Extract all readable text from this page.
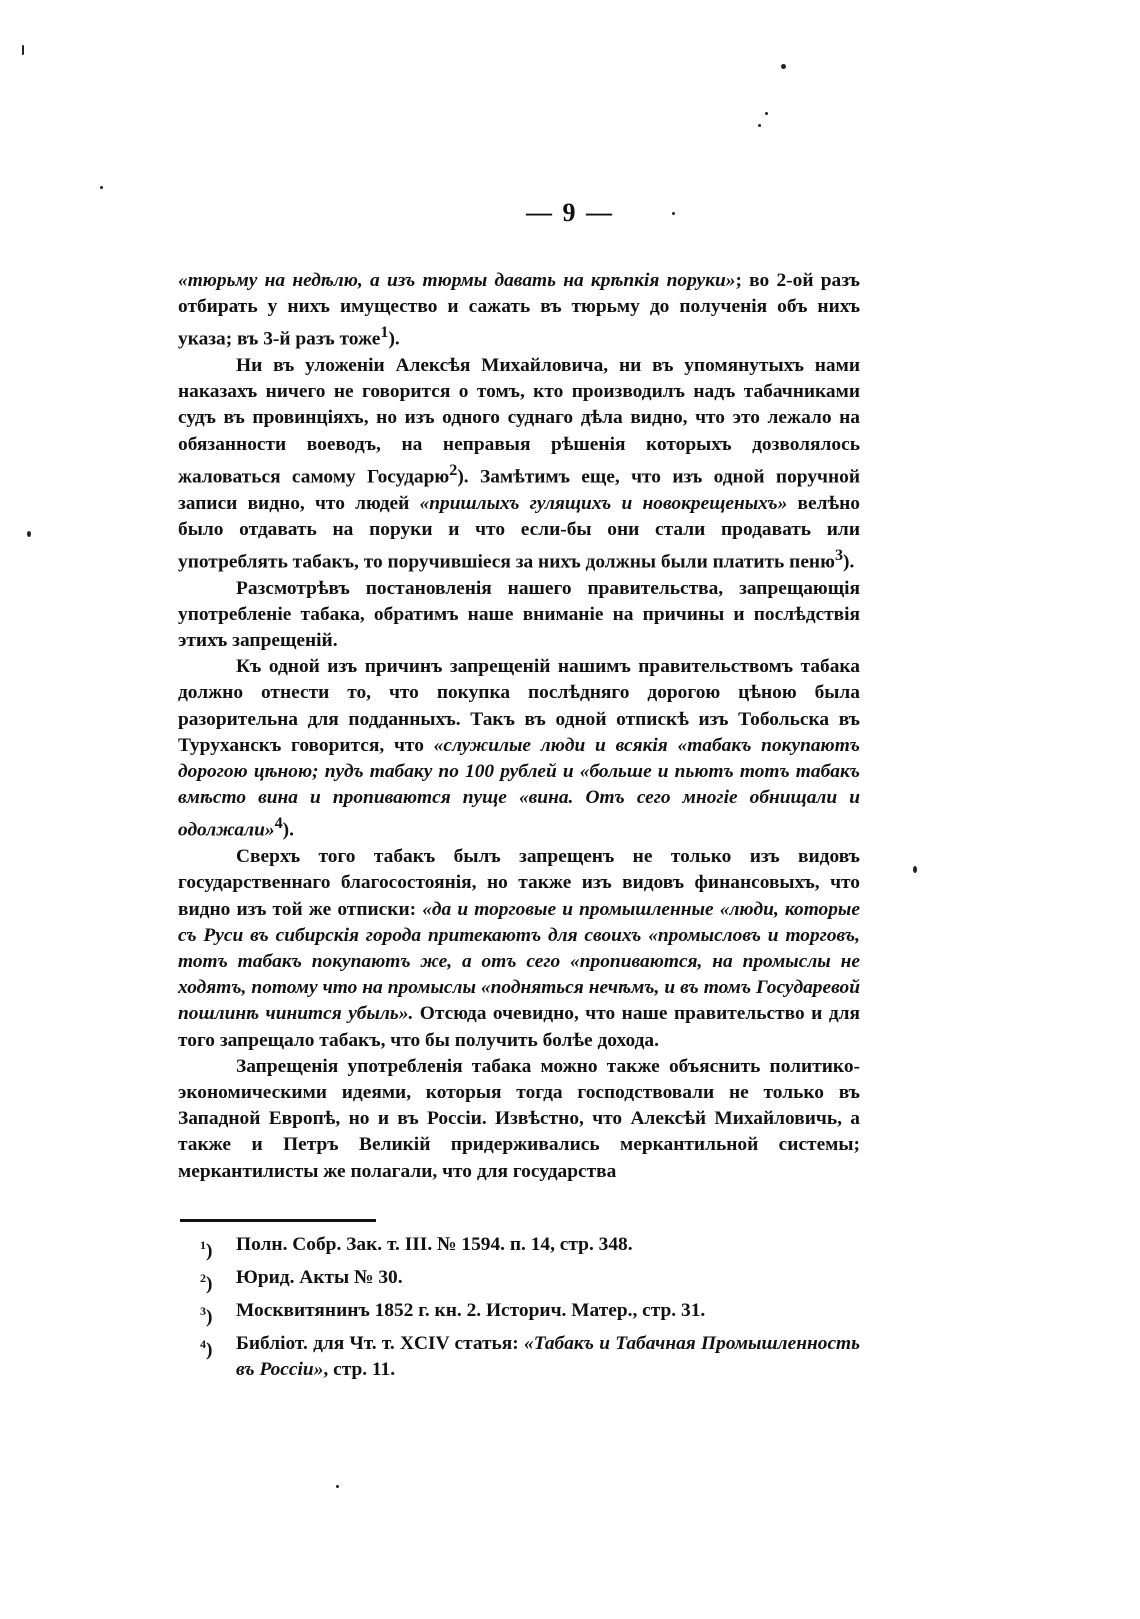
— 9 —

«тюрьму на недѣлю, а изъ тюрмы давать на крѣпкія поруки»; во 2-ой разъ отбирать у нихъ имущество и сажать въ тюрьму до полученія объ нихъ указа; въ 3-й разъ тоже$^1$).

Ни въ уложеніи Алексѣя Михайловича, ни въ упомянутыхъ нами наказахъ ничего не говорится о томъ, кто производилъ надъ табачниками судъ въ провинціяхъ, но изъ одного суднаго дѣла видно, что это лежало на обязанности воеводъ, на неправыя рѣшенія которыхъ дозволялось жаловаться самому Государю$^2$). Замѣтимъ еще, что изъ одной поручной записи видно, что людей «пришлыхъ гулящихъ и новокрещеныхъ» велѣно было отдавать на поруки и что если-бы они стали продавать или употреблять табакъ, то поручившіеся за нихъ должны были платить пеню$^3$).

Разсмотрѣвъ постановленія нашего правительства, запрещающія употребленіе табака, обратимъ наше вниманіе на причины и послѣдствія этихъ запрещеній.

Къ одной изъ причинъ запрещеній нашимъ правительствомъ табака должно отнести то, что покупка послѣдняго дорогою цѣною была разорительна для подданныхъ. Такъ въ одной отпискѣ изъ Тобольска въ Туруханскъ говорится, что «служилые люди и всякія «табакъ покупаютъ дорогою цѣною; пудъ табаку по 100 рублей и «больше и пьютъ тотъ табакъ вмѣсто вина и пропиваются пуще «вина. Отъ сего многіе обнищали и одолжали»$^4$).

Сверхъ того табакъ былъ запрещенъ не только изъ видовъ государственнаго благосостоянія, но также изъ видовъ финансовыхъ, что видно изъ той же отписки: «да и торговые и промышленные «люди, которые съ Руси въ сибирскія города притекаютъ для своихъ «промысловъ и торговъ, тотъ табакъ покупаютъ же, а отъ сего «пропиваются, на промыслы не ходятъ, потому что на промыслы «подняться нечѣмъ, и въ томъ Государевой пошлинѣ чинится убыль». Отсюда очевидно, что наше правительство и для того запрещало табакъ, что бы получить болѣе дохода.

Запрещенія употребленія табака можно также объяснить политико-экономическими идеями, которыя тогда господствовали не только въ Западной Европѣ, но и въ Россіи. Извѣстно, что Алексѣй Михайловичь, а также и Петръ Великій придерживались меркантильной системы; меркантилисты же полагали, что для государства

$^1$)	Полн. Собр. Зак. т. III. № 1594. п. 14, стр. 348.
$^2$)	Юрид. Акты № 30.
$^3$)	Москвитянинъ 1852 г. кн. 2. Историч. Матер., стр. 31.
$^4$)	Библіот. для Чт. т. XCIV статья: «Табакъ и Табачная Промышленность въ Россіи», стр. 11.
